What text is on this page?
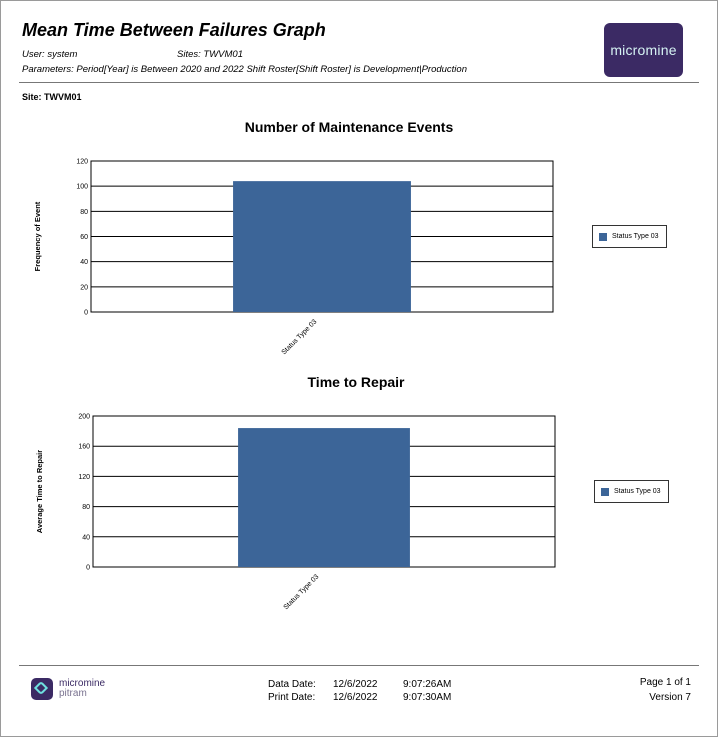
Mean Time Between Failures Graph
User: system	Sites: TWVM01
Parameters: Period[Year] is Between 2020 and 2022 Shift Roster[Shift Roster] is Development|Production
micromine
Site: TWVM01
Number of Maintenance Events
0
20
40
60
80
100
120
Status Type 03
Frequency of Event	Status Type 03
Time to Repair
0
40
80
120
160
200
Status Type 03
Average Time to Repair	Status Type 03
micromine
pitram
Data Date: 12/6/2022	9:07:26AM
Print Date: 12/6/2022	9:07:30AM
Page 1 of 1
Version 7
